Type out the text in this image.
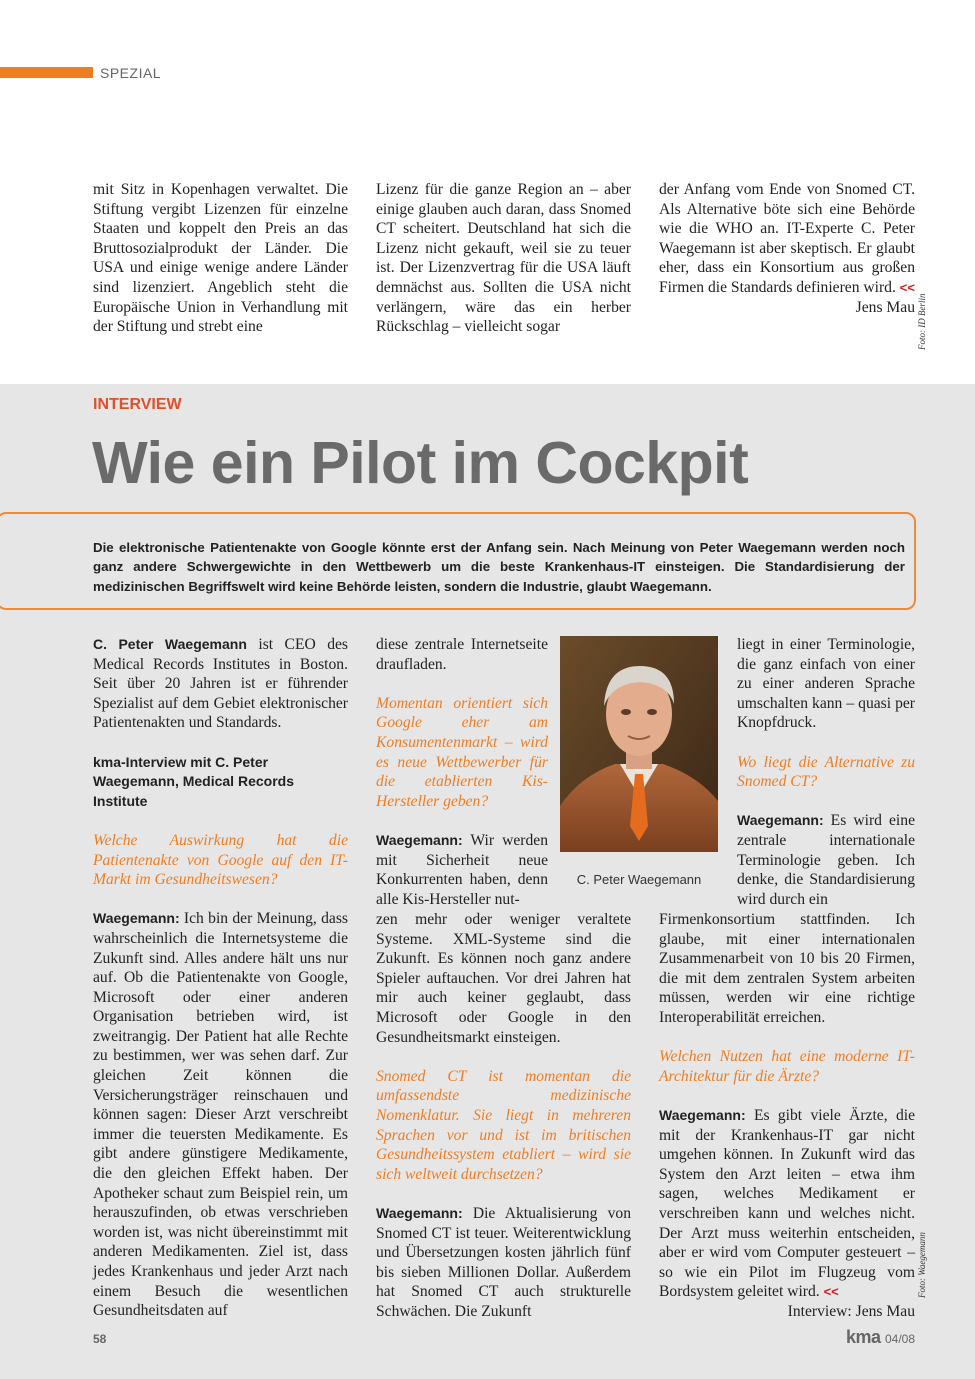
SPEZIAL

mit Sitz in Kopenhagen verwaltet. Die Stiftung vergibt Lizenzen für einzelne Staaten und koppelt den Preis an das Bruttosozialprodukt der Länder. Die USA und einige wenige andere Länder sind lizenziert. Angeblich steht die Europäische Union in Verhandlung mit der Stiftung und strebt eine

Lizenz für die ganze Region an – aber einige glauben auch daran, dass Snomed CT scheitert. Deutschland hat sich die Lizenz nicht gekauft, weil sie zu teuer ist. Der Lizenzvertrag für die USA läuft demnächst aus. Sollten die USA nicht verlängern, wäre das ein herber Rückschlag – vielleicht sogar

der Anfang vom Ende von Snomed CT. Als Alternative böte sich eine Behörde wie die WHO an. IT-Experte C. Peter Waegemann ist aber skeptisch. Er glaubt eher, dass ein Konsortium aus großen Firmen die Standards definieren wird. <<

Jens Mau Foto: ID Berlin
INTERVIEW
Wie ein Pilot im Cockpit
Die elektronische Patientenakte von Google könnte erst der Anfang sein. Nach Meinung von Peter Waegemann werden noch ganz andere Schwergewichte in den Wettbewerb um die beste Krankenhaus-IT einsteigen. Die Standardisierung der medizinischen Begriffswelt wird keine Behörde leisten, sondern die Industrie, glaubt Waegemann.

C. Peter Waegemann ist CEO des Medical Records Institutes in Boston. Seit über 20 Jahren ist er führender Spezialist auf dem Gebiet elektronischer Patientenakten und Standards.

kma-Interview mit C. Peter Waegemann, Medical Records Institute

Welche Auswirkung hat die Patientenakte von Google auf den IT-Markt im Gesundheitswesen?

Waegemann: Ich bin der Meinung, dass wahrscheinlich die Internetsysteme die Zukunft sind. Alles andere hält uns nur auf. Ob die Patientenakte von Google, Microsoft oder einer anderen Organisation betrieben wird, ist zweitrangig. Der Patient hat alle Rechte zu bestimmen, wer was sehen darf. Zur gleichen Zeit können die Versicherungsträger reinschauen und können sagen: Dieser Arzt verschreibt immer die teuersten Medikamente. Es gibt andere günstigere Medikamente, die den gleichen Effekt haben. Der Apotheker schaut zum Beispiel rein, um herauszufinden, ob etwas verschrieben worden ist, was nicht übereinstimmt mit anderen Medikamenten. Ziel ist, dass jedes Krankenhaus und jeder Arzt nach einem Besuch die wesentlichen Gesundheitsdaten auf

diese zentrale Internetseite draufladen.

Momentan orientiert sich Google eher am Konsumentenmarkt – wird es neue Wettbewerber für die etablierten Kis-Hersteller geben?

Waegemann: Wir werden mit Sicherheit neue Konkurrenten haben, denn alle Kis-Hersteller nut-

zen mehr oder weniger veraltete Systeme. XML-Systeme sind die Zukunft. Es können noch ganz andere Spieler auftauchen. Vor drei Jahren hat mir auch keiner geglaubt, dass Microsoft oder Google in den Gesundheitsmarkt einsteigen.

Snomed CT ist momentan die umfassendste medizinische Nomenklatur. Sie liegt in mehreren Sprachen vor und ist im britischen Gesundheitssystem etabliert – wird sie sich weltweit durchsetzen?

Waegemann: Die Aktualisierung von Snomed CT ist teuer. Weiterentwicklung und Übersetzungen kosten jährlich fünf bis sieben Millionen Dollar. Außerdem hat Snomed CT auch strukturelle Schwächen. Die Zukunft

C. Peter Waegemann

liegt in einer Terminologie, die ganz einfach von einer zu einer anderen Sprache umschalten kann – quasi per Knopfdruck.

Wo liegt die Alternative zu Snomed CT?

Waegemann: Es wird eine zentrale internationale Terminologie geben. Ich denke, die Standardisierung wird durch ein

Firmenkonsortium stattfinden. Ich glaube, mit einer internationalen Zusammenarbeit von 10 bis 20 Firmen, die mit dem zentralen System arbeiten müssen, werden wir eine richtige Interoperabilität erreichen.

Welchen Nutzen hat eine moderne IT-Architektur für die Ärzte?

Waegemann: Es gibt viele Ärzte, die mit der Krankenhaus-IT gar nicht umgehen können. In Zukunft wird das System den Arzt leiten – etwa ihm sagen, welches Medikament er verschreiben kann und welches nicht. Der Arzt muss weiterhin entscheiden, aber er wird vom Computer gesteuert – so wie ein Pilot im Flugzeug vom Bordsystem geleitet wird. <<

Interview: Jens Mau

Foto: Waegemann
58	kma 04/08
